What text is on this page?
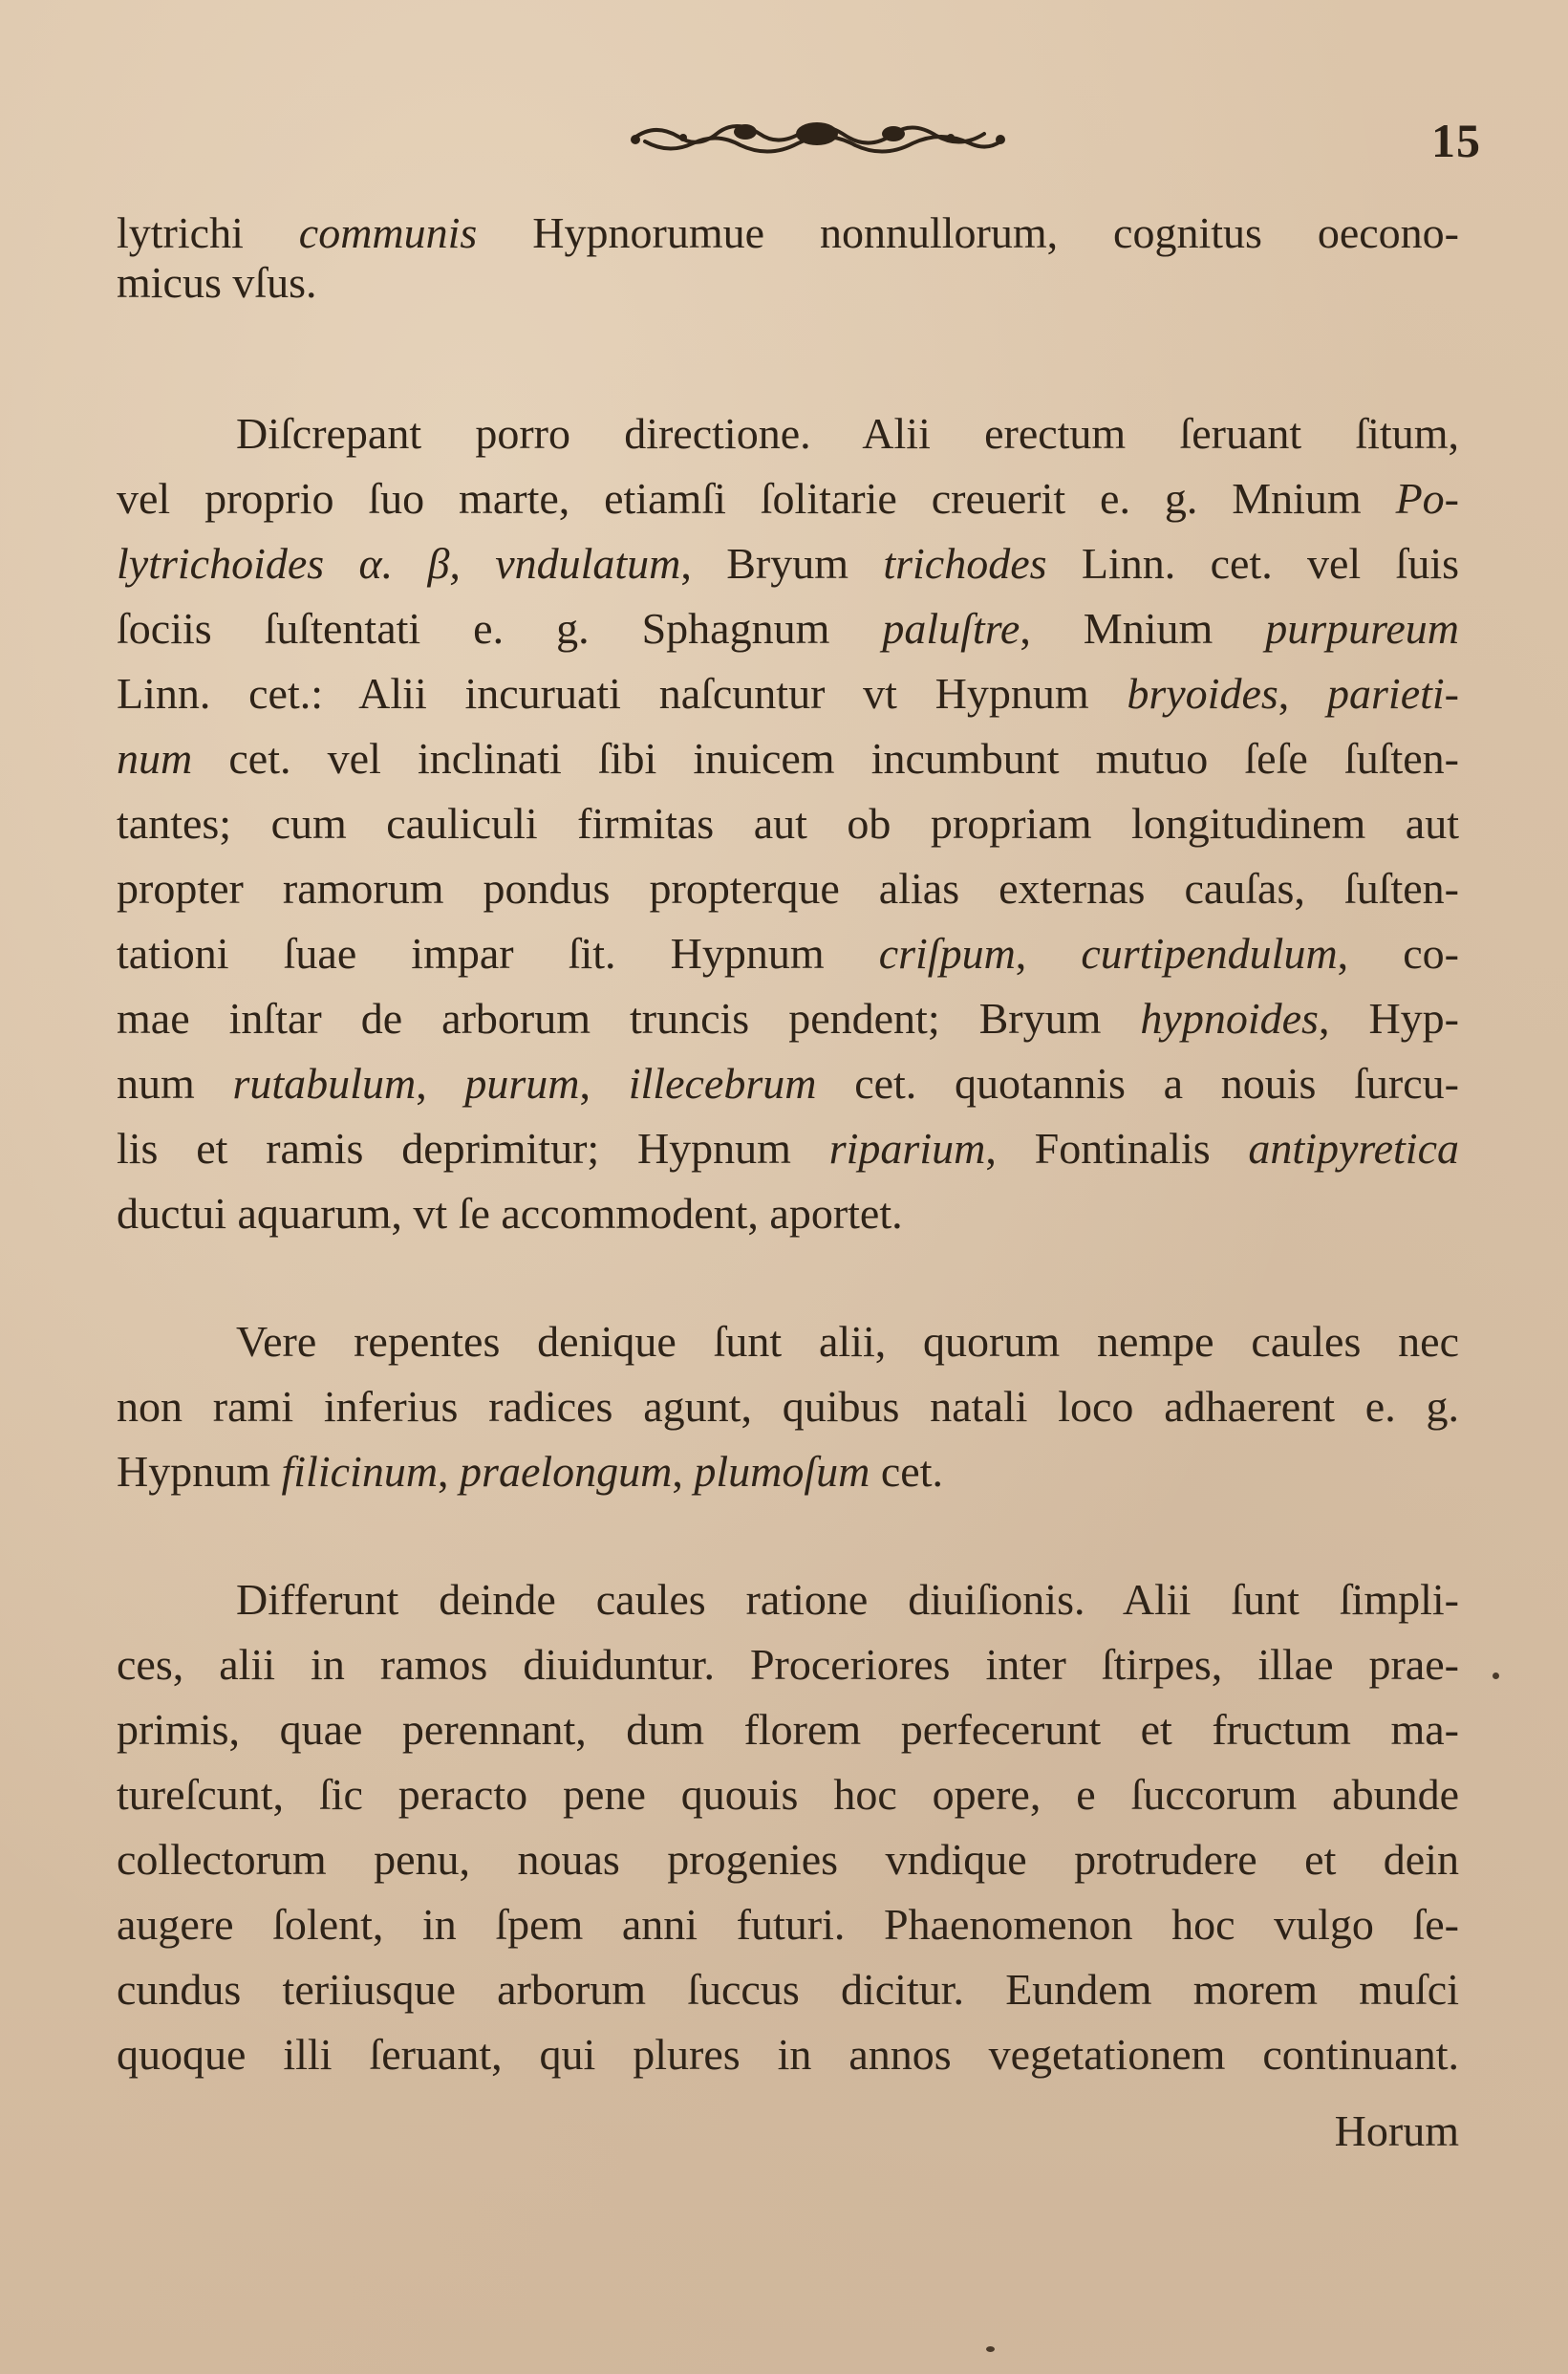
15
lytrichi communis Hypnorumue nonnullorum, cognitus oecono-
micus vſus.
Diſcrepant porro directione. Alii erectum ſeruant ſitum,
vel proprio ſuo marte, etiamſi ſolitarie creuerit e. g. Mnium Po-
lytrichoides α. β, vndulatum, Bryum trichodes Linn. cet. vel ſuis
ſociis ſuſtentati e. g. Sphagnum paluſtre, Mnium purpureum
Linn. cet.: Alii incuruati naſcuntur vt Hypnum bryoides, parieti-
num cet. vel inclinati ſibi inuicem incumbunt mutuo ſeſe ſuſten-
tantes; cum cauliculi firmitas aut ob propriam longitudinem aut
propter ramorum pondus propterque alias externas cauſas, ſuſten-
tationi ſuae impar ſit. Hypnum criſpum, curtipendulum, co-
mae inſtar de arborum truncis pendent; Bryum hypnoides, Hyp-
num rutabulum, purum, illecebrum cet. quotannis a nouis ſurcu-
lis et ramis deprimitur; Hypnum riparium, Fontinalis antipyretica
ductui aquarum, vt ſe accommodent, aportet.
Vere repentes denique ſunt alii, quorum nempe caules nec
non rami inferius radices agunt, quibus natali loco adhaerent e. g.
Hypnum filicinum, praelongum, plumoſum cet.
Differunt deinde caules ratione diuiſionis. Alii ſunt ſimpli-
ces, alii in ramos diuiduntur. Proceriores inter ſtirpes, illae prae-
primis, quae perennant, dum florem perfecerunt et fructum ma-
tureſcunt, ſic peracto pene quouis hoc opere, e ſuccorum abunde
collectorum penu, nouas progenies vndique protrudere et dein
augere ſolent, in ſpem anni futuri. Phaenomenon hoc vulgo ſe-
cundus teriiusque arborum ſuccus dicitur. Eundem morem muſci
quoque illi ſeruant, qui plures in annos vegetationem continuant.
Horum
